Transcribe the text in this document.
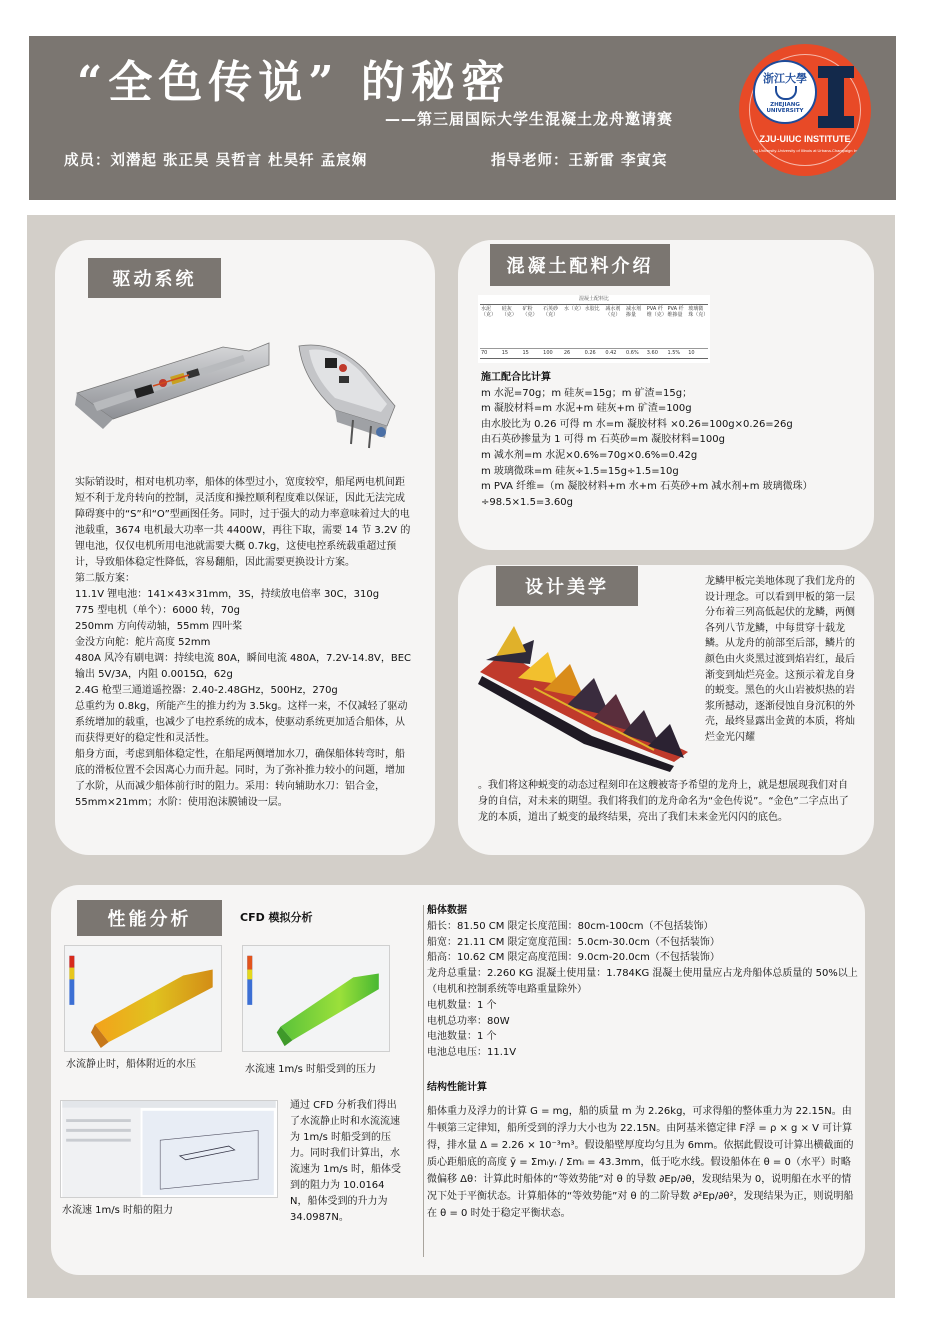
“全色传说” 的秘密
——第三届国际大学生混凝土龙舟邀请赛
成员：刘潜起 张正昊 吴哲言 杜昊轩 孟宸娴	指导老师：王新雷 李寅宾
浙江大學
ZHEJIANG UNIVERSITY
ZJU-UIUC INSTITUTE
Zhejiang University-University of Illinois at Urbana-Champaign Institute
驱动系统

实际销设时，相对电机功率，船体的体型过小，宽度较窄，船尾两电机间距短不利于龙舟转向的控制，灵活度和操控顺利程度难以保证，因此无法完成障碍赛中的“S”和“O”型画图任务。同时，过于强大的动力率意味着过大的电池载重，3674 电机最大功率一共 4400W，再往下取，需要 14 节 3.2V 的锂电池，仅仅电机所用电池就需要大概 0.7kg，这使电控系统载重超过预计，导致船体稳定性降低，容易翻船，因此需要更换设计方案。

第二版方案：

11.1V 锂电池：141×43×31mm，3S，持续放电倍率 30C，310g

775 型电机（单个）：6000 转，70g

250mm 方向传动轴，55mm 四叶桨

金没方向舵：舵片高度 52mm

480A 风冷有刷电调：持续电流 80A，瞬间电流 480A，7.2V-14.8V，BEC 输出 5V/3A，内阻 0.0015Ω，62g

2.4G 枪型三通道遥控器：2.40-2.48GHz，500Hz，270g

总重约为 0.8kg，所能产生的推力约为 3.5kg。这样一来，不仅减轻了驱动系统增加的载重，也减少了电控系统的成本，使驱动系统更加适合船体，从而获得更好的稳定性和灵活性。

船身方面，考虑到船体稳定性，在船尾两侧增加水刀，确保船体转弯时，船底的滑板位置不会因离心力而升起。同时，为了弥补推力较小的问题，增加了水阶，从而减少船体前行时的阻力。采用：转向辅助水刀：铝合金，55mm×21mm；水阶：使用泡沫膜铺设一层。

混凝土配料介绍
混凝土配料比
水泥（克）	硅灰（克）	矿粉（克）	石英砂（克）	水（克）	水胶比	减水剂（克）	减水剂掺量	PVA 纤维（克）	PVA 纤维掺量	玻璃微珠（克）
70	15	15	100	26	0.26	0.42	0.6%	3.60	1.5%	10

施工配合比计算

m 水泥=70g；m 硅灰=15g；m 矿渣=15g；

m 凝胶材料=m 水泥+m 硅灰+m 矿渣=100g

由水胶比为 0.26 可得 m 水=m 凝胶材料 ×0.26=100g×0.26=26g

由石英砂掺量为 1 可得 m 石英砂=m 凝胶材料=100g

m 减水剂=m 水泥×0.6%=70g×0.6%=0.42g

m 玻璃微珠=m 硅灰÷1.5=15g÷1.5=10g

m PVA 纤维=（m 凝胶材料+m 水+m 石英砂+m 减水剂+m 玻璃微珠）÷98.5×1.5=3.60g

设计美学	龙鳞甲板完美地体现了我们龙舟的设计理念。可以看到甲板的第一层分布着三列高低起伏的龙鳞，两侧各列八节龙鳞，中每贯穿十载龙鳞。从龙舟的前部至后部，鳞片的颜色由火炎黑过渡到焰岩红，最后渐变到灿烂亮金。这预示着龙自身的蜕变。黑色的火山岩被炽热的岩浆所撼动，逐渐侵蚀自身沉积的外壳，最终显露出金黄的本质，将灿烂金光闪耀
。我们将这种蜕变的动态过程刻印在这艘被寄予希望的龙舟上，就是想展现我们对自身的自信，对未来的期望。我们将我们的龙舟命名为“金色传说”。“金色”二字点出了龙的本质，道出了蜕变的最终结果，亮出了我们未来金光闪闪的底色。
性能分析	CFD 模拟分析
水流静止时，船体附近的水压	水流速 1m/s 时船受到的压力
水流速 1m/s 时船的阻力
通过 CFD 分析我们得出了水流静止时和水流流速为 1m/s 时船受到的压力。同时我们计算出，水流速为 1m/s 时，船体受到的阻力为 10.0164 N，船体受到的升力为 34.0987N。

船体数据

船长：81.50 CM 限定长度范围：80cm-100cm（不包括装饰）

船宽：21.11 CM 限定宽度范围：5.0cm-30.0cm（不包括装饰）

船高：10.62 CM 限定高度范围：9.0cm-20.0cm（不包括装饰）

龙舟总重量：2.260 KG 混凝土使用量：1.784KG 混凝土使用量应占龙舟船体总质量的 50%以上（电机和控制系统等电路重量除外）

电机数量：1 个

电机总功率：80W

电池数量：1 个

电池总电压：11.1V

结构性能计算
船体重力及浮力的计算 G = mg，船的质量 m 为 2.26kg，可求得船的整体重力为 22.15N。由牛顿第三定律知，船所受到的浮力大小也为 22.15N。由阿基米德定律 F浮 = ρ × g × V 可计算得，排水量 Δ = 2.26 × 10⁻³m³。假设船壁厚度均匀且为 6mm。依据此假设可计算出横截面的质心距船底的高度 ȳ = Σmᵢyᵢ / Σmᵢ = 43.3mm，低于吃水线。假设船体在 θ = 0（水平）时略微偏移 Δθ：计算此时船体的“等效势能”对 θ 的导数 ∂Ep/∂θ，发现结果为 0，说明船在水平的情况下处于平衡状态。计算船体的“等效势能”对 θ 的二阶导数 ∂²Ep/∂θ²，发现结果为正，则说明船在 θ = 0 时处于稳定平衡状态。
